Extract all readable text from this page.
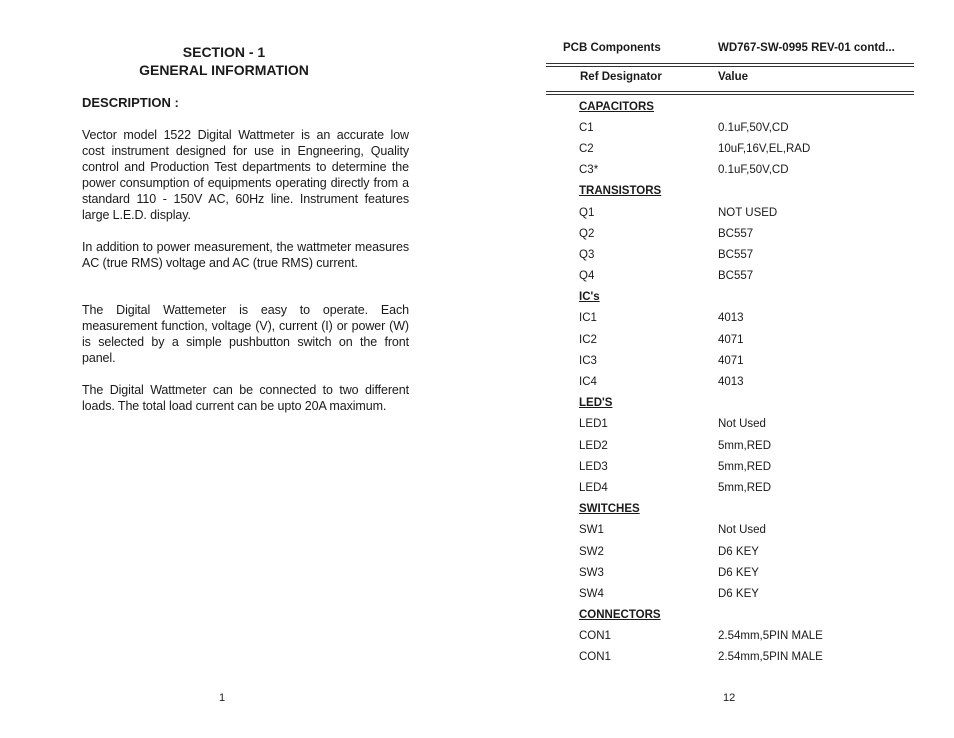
SECTION - 1
GENERAL INFORMATION
DESCRIPTION :
Vector model 1522 Digital Wattmeter is an accurate low cost instrument designed for use in Engneering, Quality control and Production Test departments to determine the power consumption of equipments operating directly from a standard 110 - 150V AC, 60Hz line. Instrument features large L.E.D. display.
In addition to power measurement, the wattmeter measures AC (true RMS) voltage and AC (true RMS) current.
The Digital Wattemeter is easy to operate. Each measurement function, voltage (V), current (I) or power (W) is selected by a simple pushbutton switch on the front panel.
The Digital Wattmeter can be connected to two different loads. The total load current can be upto 20A maximum.
1
PCB Components	WD767-SW-0995 REV-01 contd...
Ref Designator	Value
CAPACITORS
C1	0.1uF,50V,CD
C2	10uF,16V,EL,RAD
C3*	0.1uF,50V,CD
TRANSISTORS
Q1	NOT USED
Q2	BC557
Q3	BC557
Q4	BC557
IC's
IC1	4013
IC2	4071
IC3	4071
IC4	4013
LED'S
LED1	Not Used
LED2	5mm,RED
LED3	5mm,RED
LED4	5mm,RED
SWITCHES
SW1	Not Used
SW2	D6 KEY
SW3	D6 KEY
SW4	D6 KEY
CONNECTORS
CON1	2.54mm,5PIN MALE
CON1	2.54mm,5PIN MALE
12
